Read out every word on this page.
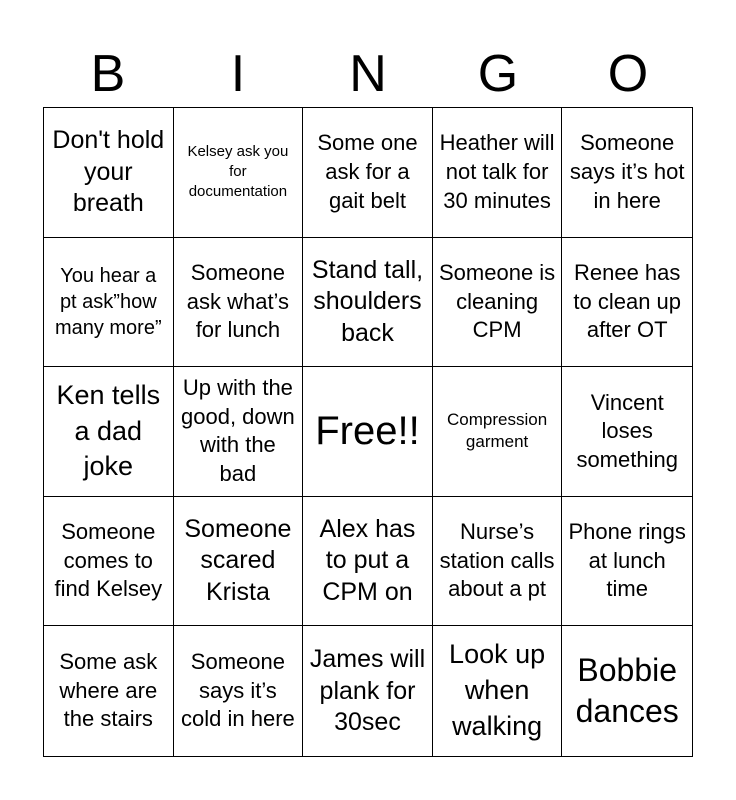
B	I	N	G	O
Don't hold your breath
Kelsey ask you for documentation
Some one ask for a gait belt
Heather will not talk for 30 minutes
Someone says it’s hot in here
You hear a pt ask”how many more”
Someone ask what’s for lunch
Stand tall, shoulders back
Someone is cleaning CPM
Renee has to clean up after OT
Ken tells a dad joke
Up with the good, down with the bad
Free!!	Compression garment
Vincent loses something
Someone comes to find Kelsey
Someone scared Krista
Alex has to put a CPM on
Nurse’s station calls about a pt
Phone rings at lunch time
Some ask where are the stairs
Someone says it’s cold in here
James will plank for 30sec
Look up when walking
Bobbie dances
